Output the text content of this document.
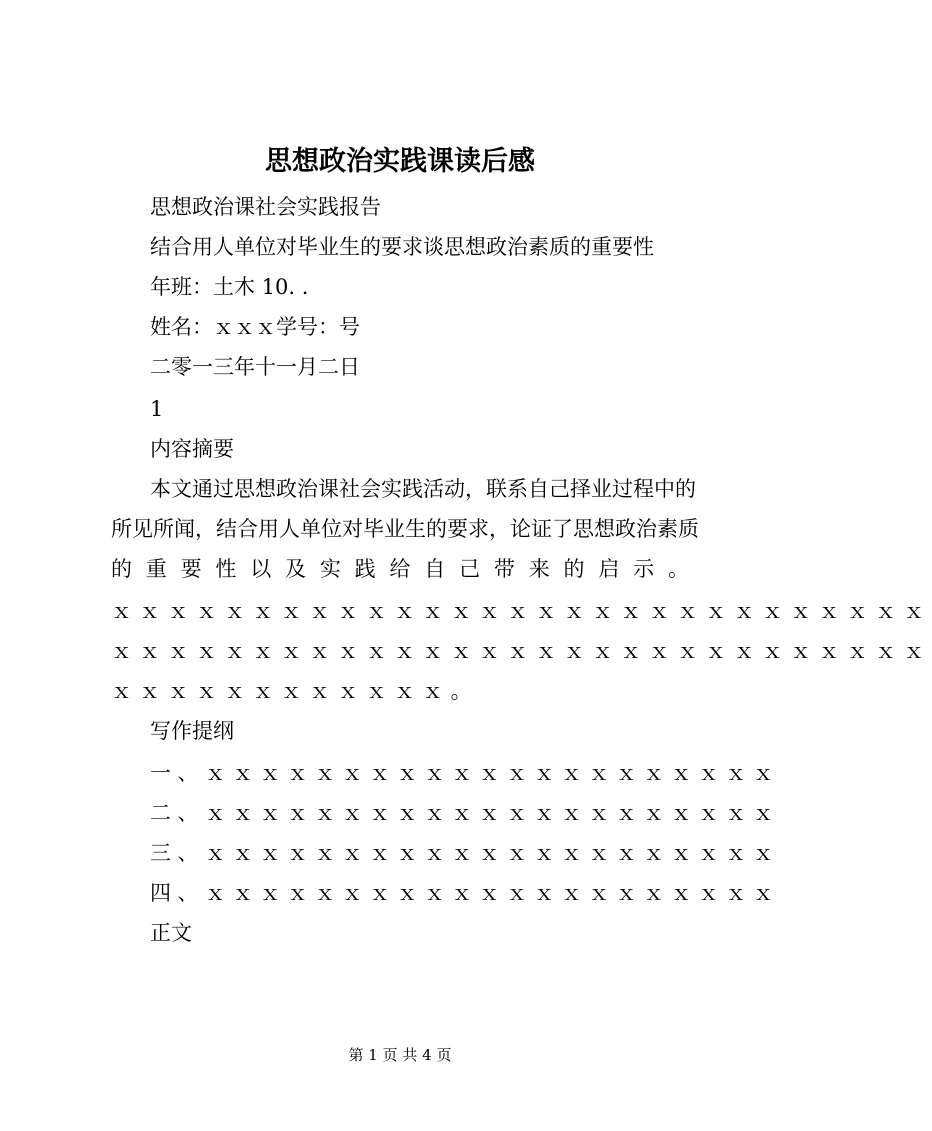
思想政治实践课读后感
思想政治课社会实践报告
结合用人单位对毕业生的要求谈思想政治素质的重要性
年班：土木 10. .
姓名：ｘｘｘ学号：号
二零一三年十一月二日
1
内容摘要
本文通过思想政治课社会实践活动，联系自己择业过程中的
所见所闻，结合用人单位对毕业生的要求，论证了思想政治素质
的重要性以及实践给自己带来的启示。
ｘｘｘｘｘｘｘｘｘｘｘｘｘｘｘｘｘｘｘｘｘｘｘｘｘｘｘｘｘ
ｘｘｘｘｘｘｘｘｘｘｘｘｘｘｘｘｘｘｘｘｘｘｘｘｘｘｘｘｘ
ｘｘｘｘｘｘｘｘｘｘｘｘ。
写作提纲
一、ｘｘｘｘｘｘｘｘｘｘｘｘｘｘｘｘｘｘｘｘｘ
二、ｘｘｘｘｘｘｘｘｘｘｘｘｘｘｘｘｘｘｘｘｘ
三、ｘｘｘｘｘｘｘｘｘｘｘｘｘｘｘｘｘｘｘｘｘ
四、ｘｘｘｘｘｘｘｘｘｘｘｘｘｘｘｘｘｘｘｘｘ
正文
第 1 页 共 4 页
